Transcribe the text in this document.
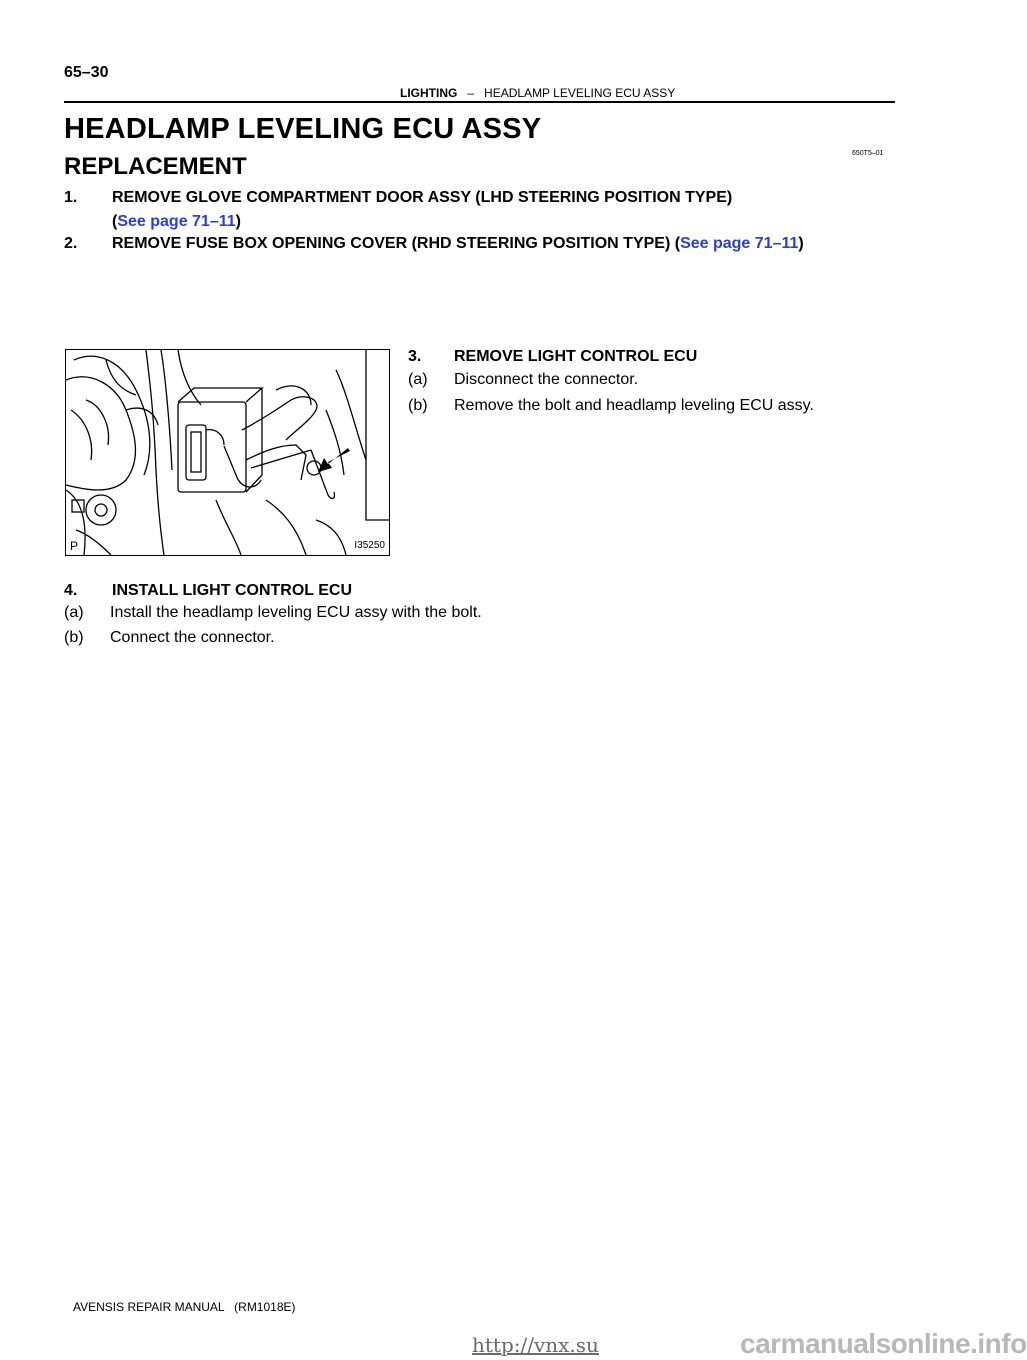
65–30
LIGHTING – HEADLAMP LEVELING ECU ASSY
HEADLAMP LEVELING ECU ASSY
REPLACEMENT	650T5–01
1. REMOVE GLOVE COMPARTMENT DOOR ASSY (LHD STEERING POSITION TYPE)
(See page 71–11)
2. REMOVE FUSE BOX OPENING COVER (RHD STEERING POSITION TYPE) (See page 71–11)
P	I35250
3. REMOVE LIGHT CONTROL ECU
(a) Disconnect the connector.
(b) Remove the bolt and headlamp leveling ECU assy.
4. INSTALL LIGHT CONTROL ECU
(a) Install the headlamp leveling ECU assy with the bolt.
(b) Connect the connector.
AVENSIS REPAIR MANUAL   (RM1018E)
http://vnx.su	carmanualsonline.info
